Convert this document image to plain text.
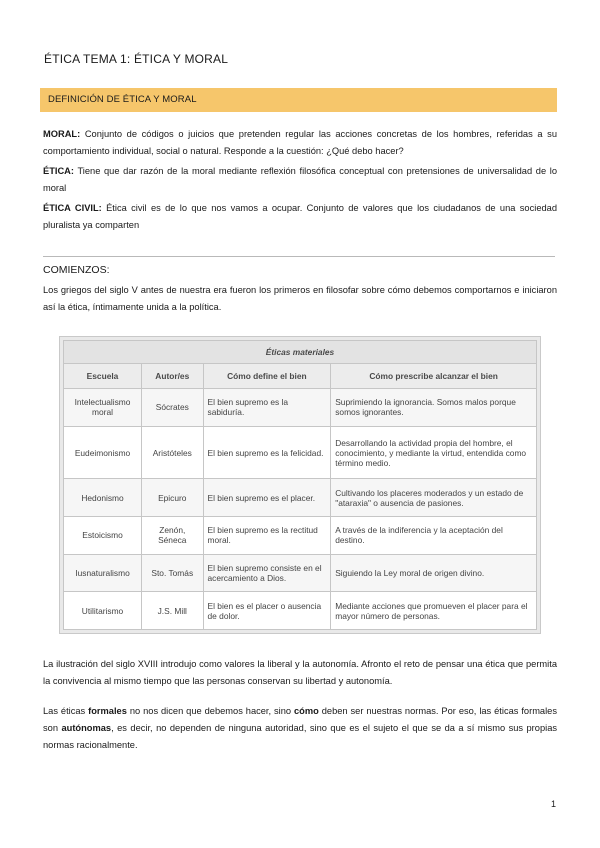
ÉTICA TEMA 1: ÉTICA Y MORAL
DEFINICIÓN DE ÉTICA Y MORAL

MORAL: Conjunto de códigos o juicios que pretenden regular las acciones concretas de los hombres, referidas a su comportamiento individual, social o natural. Responde a la cuestión: ¿Qué debo hacer?

ÉTICA: Tiene que dar razón de la moral mediante reflexión filosófica conceptual con pretensiones de universalidad de lo moral

ÉTICA CIVIL: Ética civil es de lo que nos vamos a ocupar. Conjunto de valores que los ciudadanos de una sociedad pluralista ya comparten

COMIENZOS:

Los griegos del siglo V antes de nuestra era fueron los primeros en filosofar sobre cómo debemos comportarnos e iniciaron así la ética, íntimamente unida a la política.

Éticas materiales			
Escuela	Autor/es	Cómo define el bien	Cómo prescribe alcanzar el bien
Intelectualismo moral	Sócrates	El bien supremo es la sabiduría.	Suprimiendo la ignorancia. Somos malos porque somos ignorantes.
Eudeimonismo	Aristóteles	El bien supremo es la felicidad.	Desarrollando la actividad propia del hombre, el conocimiento, y mediante la virtud, entendida como término medio.
Hedonismo	Epicuro	El bien supremo es el placer.	Cultivando los placeres moderados y un estado de "ataraxia" o ausencia de pasiones.
Estoicismo	Zenón, Séneca	El bien supremo es la rectitud moral.	A través de la indiferencia y la aceptación del destino.
Iusnaturalismo	Sto. Tomás	El bien supremo consiste en el acercamiento a Dios.	Siguiendo la Ley moral de origen divino.
Utilitarismo	J.S. Mill	El bien es el placer o ausencia de dolor.	Mediante acciones que promueven el placer para el mayor número de personas.

La ilustración del siglo XVIII introdujo como valores la liberal y la autonomía. Afronto el reto de pensar una ética que permita la convivencia al mismo tiempo que las personas conservan su libertad y autonomía.

Las éticas formales no nos dicen que debemos hacer, sino cómo deben ser nuestras normas. Por eso, las éticas formales son autónomas, es decir, no dependen de ninguna autoridad, sino que es el sujeto el que se da a sí mismo sus propias normas racionalmente.

1
